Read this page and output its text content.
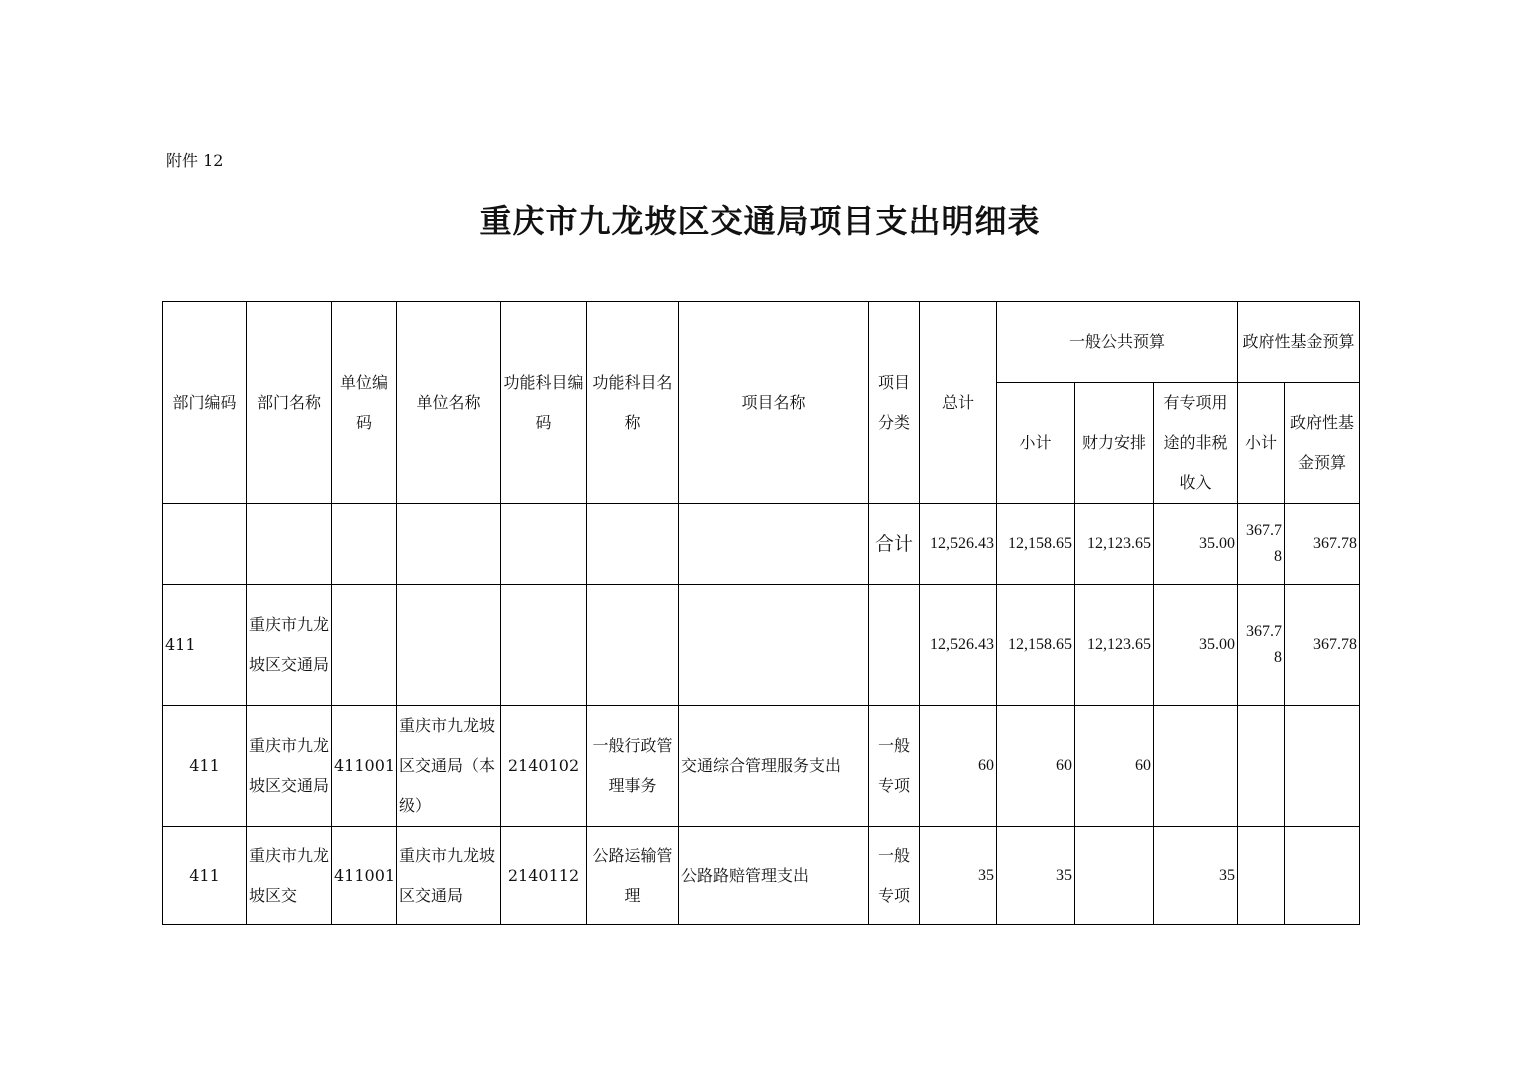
附件 12
重庆市九龙坡区交通局项目支出明细表
部门编码	部门名称	单位编码	单位名称	功能科目编码	功能科目名称	项目名称	项目分类	总计	一般公共预算			政府性基金预算	
									小计	财力安排	有专项用途的非税收入	小计	政府性基金预算
							合计	12,526.43	12,158.65	12,123.65	35.00	367.78	367.78
411	重庆市九龙坡区交通局							12,526.43	12,158.65	12,123.65	35.00	367.78	367.78
411	重庆市九龙坡区交通局	411001	重庆市九龙坡区交通局（本级）	2140102	一般行政管理事务	交通综合管理服务支出	一般专项	60	60	60			
411	重庆市九龙坡区交	411001	重庆市九龙坡区交通局	2140112	公路运输管理	公路路赔管理支出	一般专项	35	35		35		
